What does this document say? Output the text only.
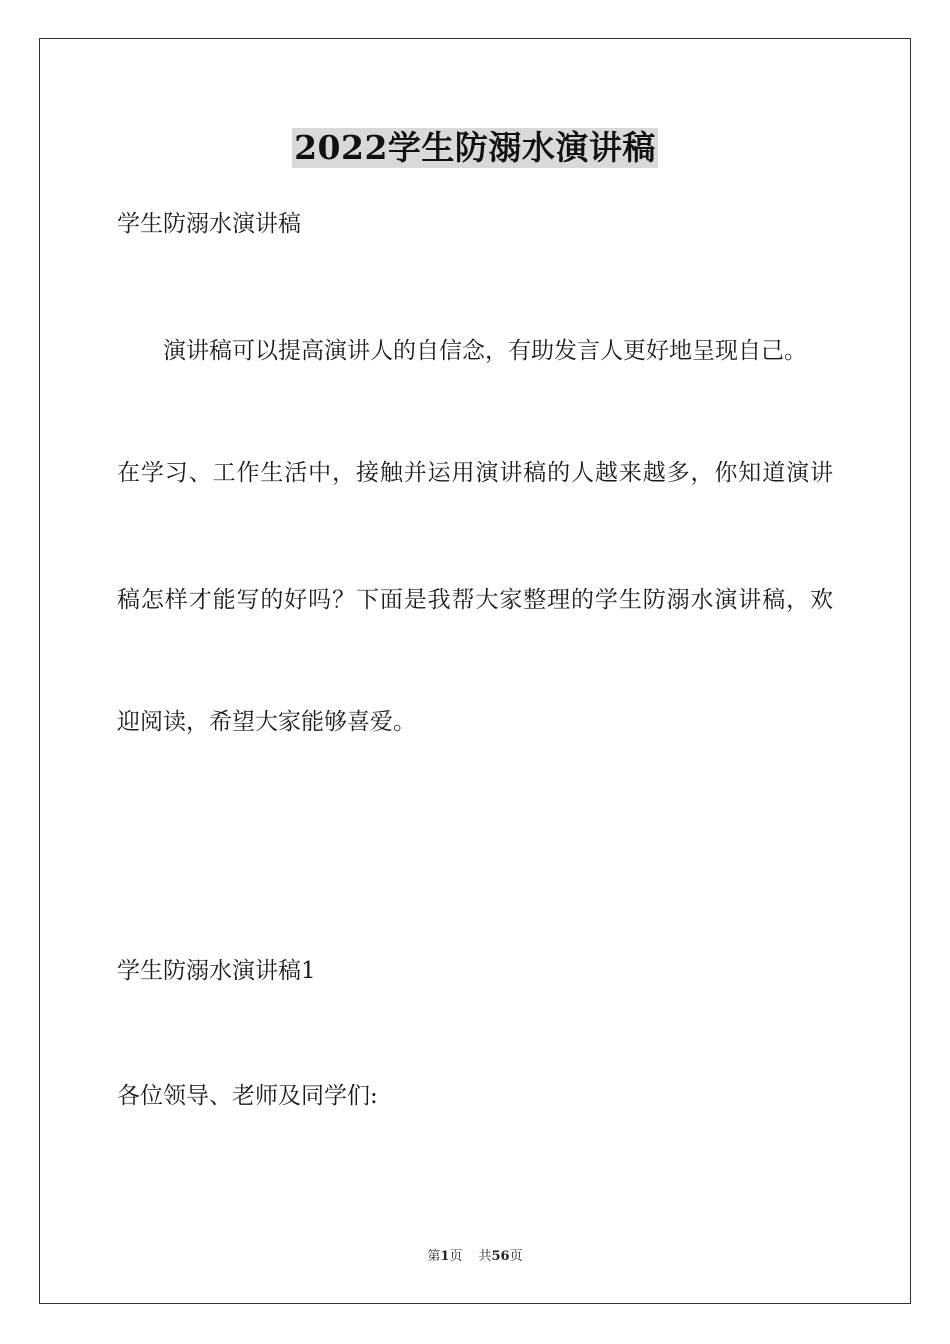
2022学生防溺水演讲稿
学生防溺水演讲稿
演讲稿可以提高演讲人的自信念，有助发言人更好地呈现自己。
在学习、工作生活中，接触并运用演讲稿的人越来越多，你知道演讲
稿怎样才能写的好吗？下面是我帮大家整理的学生防溺水演讲稿，欢
迎阅读，希望大家能够喜爱。
学生防溺水演讲稿1
各位领导、老师及同学们:
第1页 共56页
